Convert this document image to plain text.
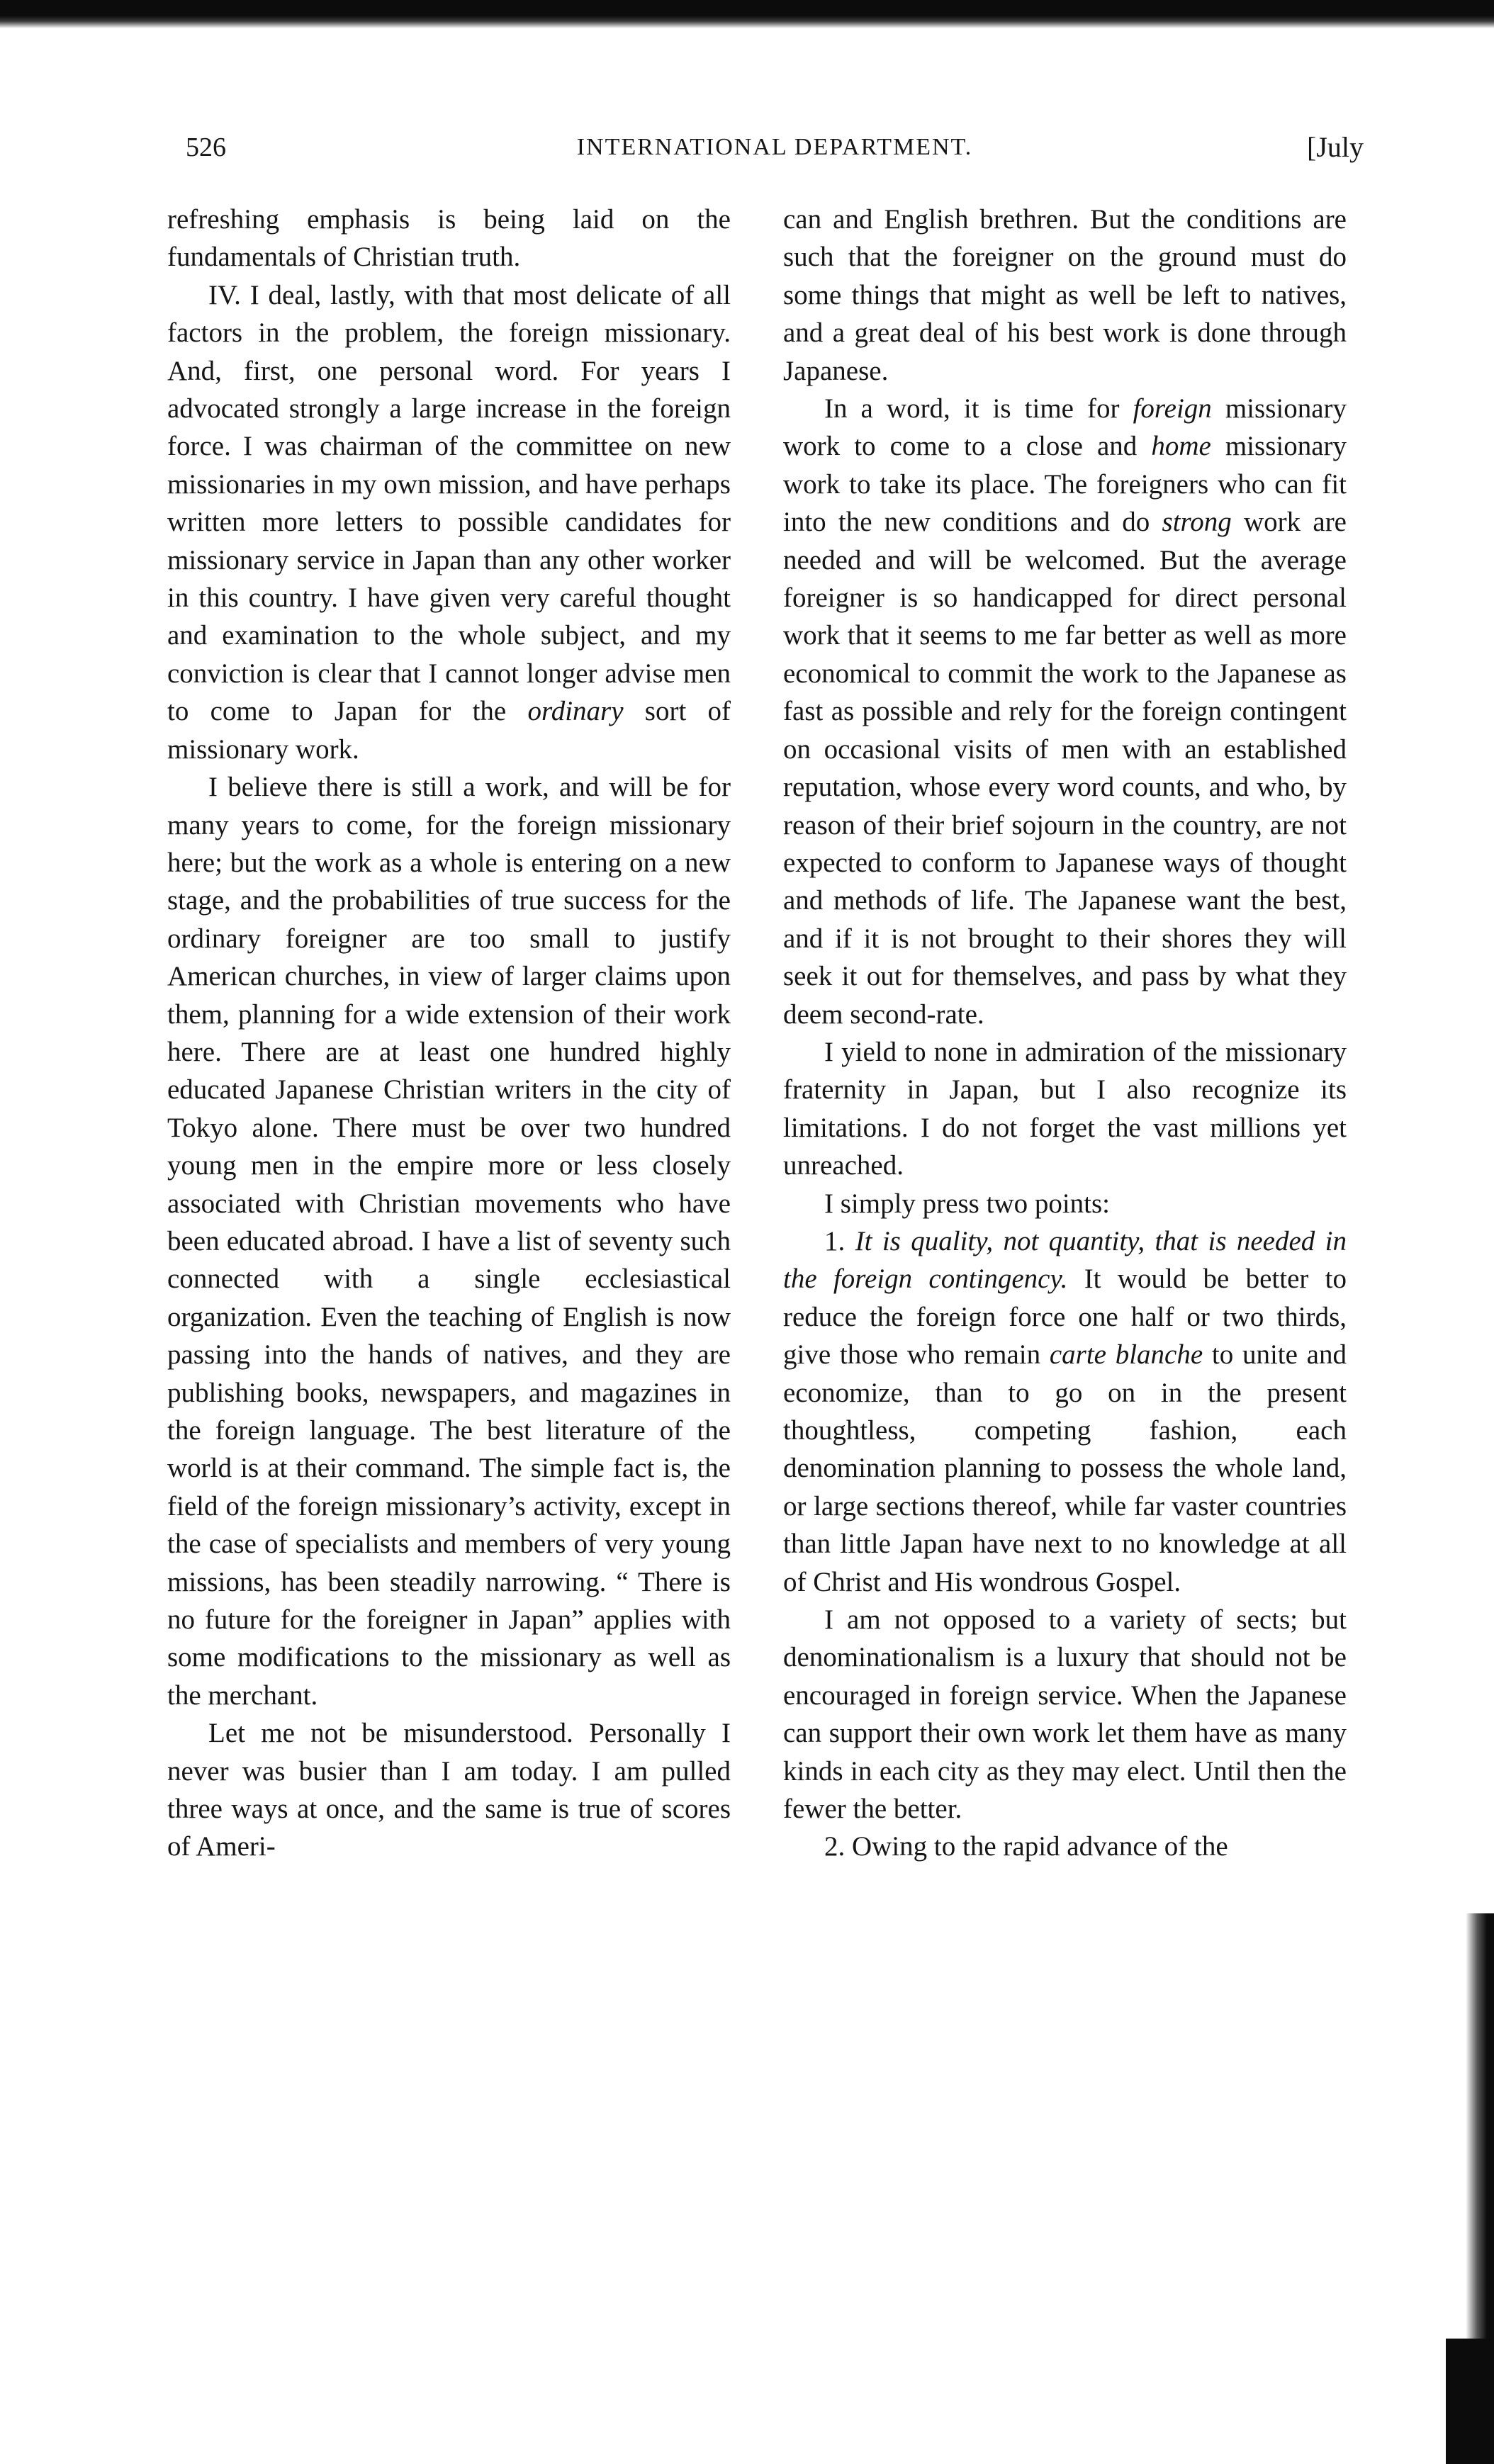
526	INTERNATIONAL DEPARTMENT.	[July

refreshing emphasis is being laid on the fundamentals of Christian truth.

IV. I deal, lastly, with that most delicate of all factors in the problem, the foreign missionary. And, first, one personal word. For years I advocated strongly a large increase in the foreign force. I was chairman of the committee on new missionaries in my own mission, and have perhaps written more letters to possible candidates for missionary service in Japan than any other worker in this country. I have given very careful thought and examination to the whole subject, and my conviction is clear that I cannot longer advise men to come to Japan for the ordinary sort of missionary work.

I believe there is still a work, and will be for many years to come, for the foreign missionary here; but the work as a whole is entering on a new stage, and the probabilities of true success for the ordinary foreigner are too small to justify American churches, in view of larger claims upon them, planning for a wide extension of their work here. There are at least one hundred highly educated Japanese Christian writers in the city of Tokyo alone. There must be over two hundred young men in the empire more or less closely associated with Christian movements who have been educated abroad. I have a list of seventy such connected with a single ecclesiastical organization. Even the teaching of English is now passing into the hands of natives, and they are publishing books, newspapers, and magazines in the foreign language. The best literature of the world is at their command. The simple fact is, the field of the foreign missionary’s activity, except in the case of specialists and members of very young missions, has been steadily narrowing. “ There is no future for the foreigner in Japan” applies with some modifications to the missionary as well as the merchant.

Let me not be misunderstood. Personally I never was busier than I am today. I am pulled three ways at once, and the same is true of scores of Ameri-

can and English brethren. But the conditions are such that the foreigner on the ground must do some things that might as well be left to natives, and a great deal of his best work is done through Japanese.

In a word, it is time for foreign missionary work to come to a close and home missionary work to take its place. The foreigners who can fit into the new conditions and do strong work are needed and will be welcomed. But the average foreigner is so handicapped for direct personal work that it seems to me far better as well as more economical to commit the work to the Japanese as fast as possible and rely for the foreign contingent on occasional visits of men with an established reputation, whose every word counts, and who, by reason of their brief sojourn in the country, are not expected to conform to Japanese ways of thought and methods of life. The Japanese want the best, and if it is not brought to their shores they will seek it out for themselves, and pass by what they deem second-rate.

I yield to none in admiration of the missionary fraternity in Japan, but I also recognize its limitations. I do not forget the vast millions yet unreached.

I simply press two points:

1. It is quality, not quantity, that is needed in the foreign contingency. It would be better to reduce the foreign force one half or two thirds, give those who remain carte blanche to unite and economize, than to go on in the present thoughtless, competing fashion, each denomination planning to possess the whole land, or large sections thereof, while far vaster countries than little Japan have next to no knowledge at all of Christ and His wondrous Gospel.

I am not opposed to a variety of sects; but denominationalism is a luxury that should not be encouraged in foreign service. When the Japanese can support their own work let them have as many kinds in each city as they may elect. Until then the fewer the better.

2. Owing to the rapid advance of the
